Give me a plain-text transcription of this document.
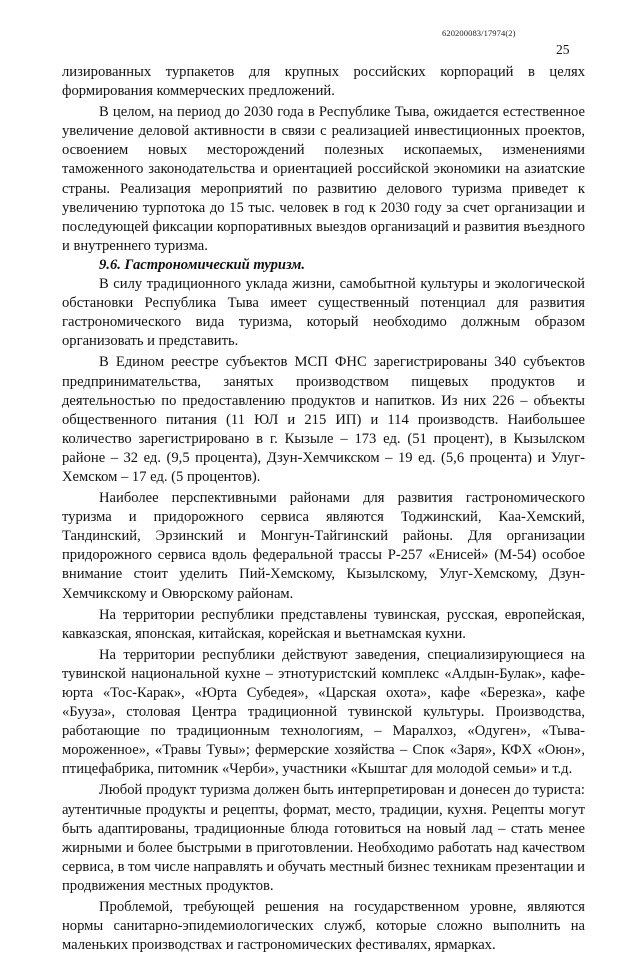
620200083/17974(2)
25

лизированных турпакетов для крупных российских корпораций в целях формирования коммерческих предложений.

В целом, на период до 2030 года в Республике Тыва, ожидается естественное увеличение деловой активности в связи с реализацией инвестиционных проектов, освоением новых месторождений полезных ископаемых, изменениями таможенного законодательства и ориентацией российской экономики на азиатские страны. Реализация мероприятий по развитию делового туризма приведет к увеличению турпотока до 15 тыс. человек в год к 2030 году за счет организации и последующей фиксации корпоративных выездов организаций и развития въездного и внутреннего туризма.

9.6. Гастрономический туризм.

В силу традиционного уклада жизни, самобытной культуры и экологической обстановки Республика Тыва имеет существенный потенциал для развития гастрономического вида туризма, который необходимо должным образом организовать и представить.

В Едином реестре субъектов МСП ФНС зарегистрированы 340 субъектов предпринимательства, занятых производством пищевых продуктов и деятельностью по предоставлению продуктов и напитков. Из них 226 – объекты общественного питания (11 ЮЛ и 215 ИП) и 114 производств. Наибольшее количество зарегистрировано в г. Кызыле – 173 ед. (51 процент), в Кызылском районе – 32 ед. (9,5 процента), Дзун-Хемчикском – 19 ед. (5,6 процента) и Улуг-Хемском – 17 ед. (5 процентов).

Наиболее перспективными районами для развития гастрономического туризма и придорожного сервиса являются Тоджинский, Каа-Хемский, Тандинский, Эрзинский и Монгун-Тайгинский районы. Для организации придорожного сервиса вдоль федеральной трассы Р-257 «Енисей» (М-54) особое внимание стоит уделить Пий-Хемскому, Кызылскому, Улуг-Хемскому, Дзун-Хемчикскому и Овюрскому районам.

На территории республики представлены тувинская, русская, европейская, кавказская, японская, китайская, корейская и вьетнамская кухни.

На территории республики действуют заведения, специализирующиеся на тувинской национальной кухне – этнотуристский комплекс «Алдын-Булак», кафе-юрта «Тос-Карак», «Юрта Субедея», «Царская охота», кафе «Березка», кафе «Бууза», столовая Центра традиционной тувинской культуры. Производства, работающие по традиционным технологиям, – Маралхоз, «Одуген», «Тыва-мороженное», «Травы Тувы»; фермерские хозяйства – Спок «Заря», КФХ «Оюн», птицефабрика, питомник «Черби», участники «Кыштаг для молодой семьи» и т.д.

Любой продукт туризма должен быть интерпретирован и донесен до туриста: аутентичные продукты и рецепты, формат, место, традиции, кухня. Рецепты могут быть адаптированы, традиционные блюда готовиться на новый лад – стать менее жирными и более быстрыми в приготовлении. Необходимо работать над качеством сервиса, в том числе направлять и обучать местный бизнес техникам презентации и продвижения местных продуктов.

Проблемой, требующей решения на государственном уровне, являются нормы санитарно-эпидемиологических служб, которые сложно выполнить на маленьких производствах и гастрономических фестивалях, ярмарках.
